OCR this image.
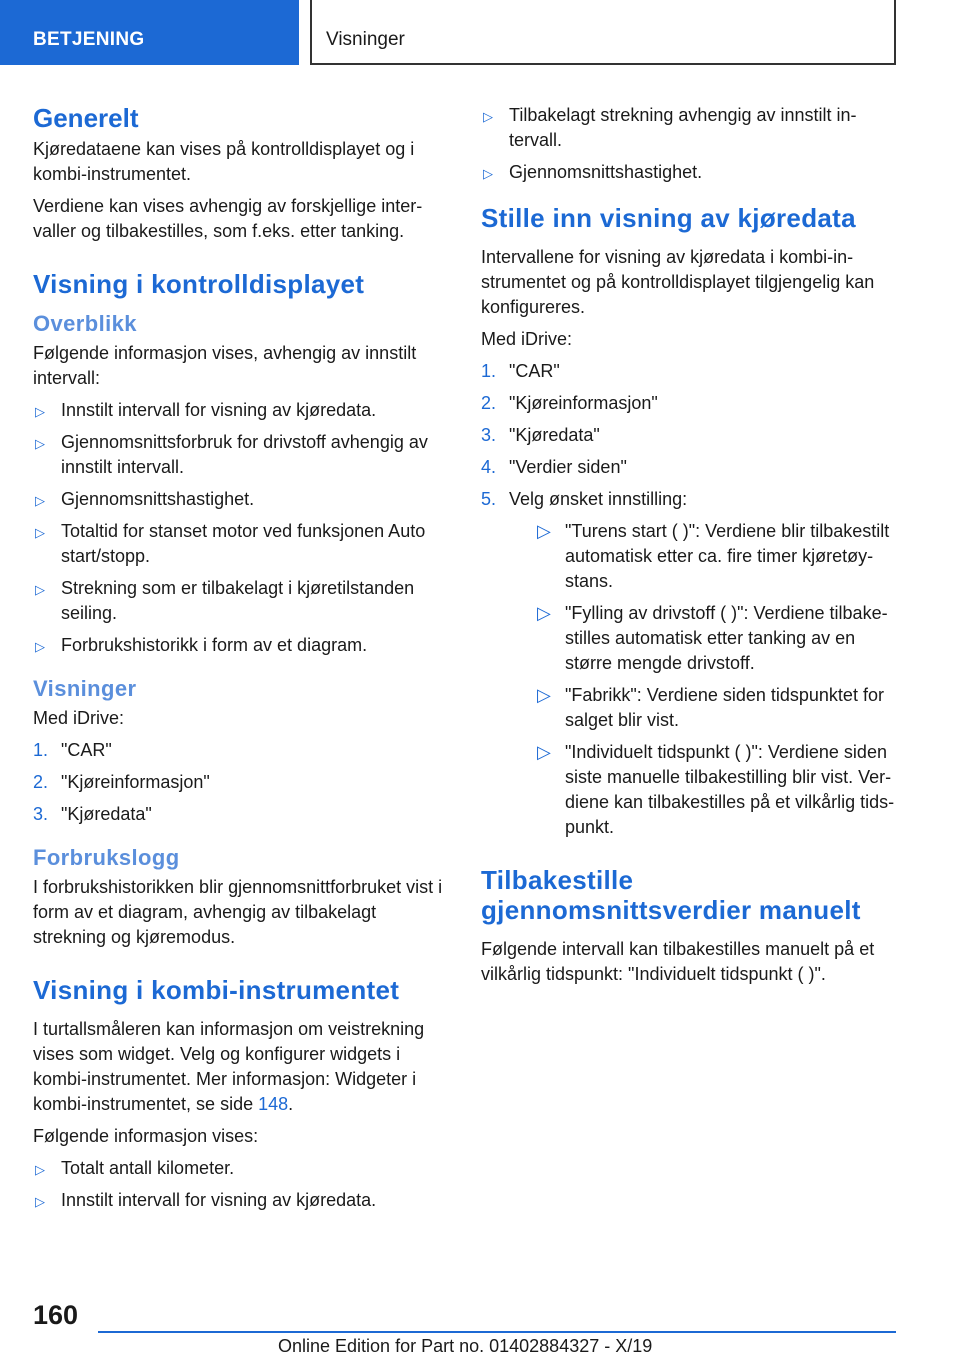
BETJENING	Visninger
Generelt

Kjøredataene kan vises på kontrolldisplayet og i kombi-instrumentet.

Verdiene kan vises avhengig av forskjellige inter-valler og tilbakestilles, som f.eks. etter tanking.

Visning i kontrolldisplayet
Overblikk

Følgende informasjon vises, avhengig av innstilt intervall:

▷ Innstilt intervall for visning av kjøredata.
▷ Gjennomsnittsforbruk for drivstoff avhengig av innstilt intervall.
▷ Gjennomsnittshastighet.
▷ Totaltid for stanset motor ved funksjonen Auto start/stopp.
▷ Strekning som er tilbakelagt i kjøretilstanden seiling.
▷ Forbrukshistorikk i form av et diagram.
Visninger

Med iDrive:

1. "CAR"
2. "Kjøreinformasjon"
3. "Kjøredata"
Forbrukslogg

I forbrukshistorikken blir gjennomsnittforbruket vist i form av et diagram, avhengig av tilbakelagt strekning og kjøremodus.

Visning i kombi-instrumentet

I turtallsmåleren kan informasjon om veistrekning vises som widget. Velg og konfigurer widgets i kombi-instrumentet. Mer informasjon: Widgeter i kombi-instrumentet, se side 148.

Følgende informasjon vises:

▷ Totalt antall kilometer.
▷ Innstilt intervall for visning av kjøredata.
▷ Tilbakelagt strekning avhengig av innstilt in-tervall.
▷ Gjennomsnittshastighet.
Stille inn visning av kjøredata

Intervallene for visning av kjøredata i kombi-in-strumentet og på kontrolldisplayet tilgjengelig kan konfigureres.

Med iDrive:

1. "CAR"
2. "Kjøreinformasjon"
3. "Kjøredata"
4. "Verdier siden"
5. Velg ønsket innstilling:
▷ "Turens start ( )": Verdiene blir tilbakestilt automatisk etter ca. fire timer kjøretøy-stans.
▷ "Fylling av drivstoff ( )": Verdiene tilbake-stilles automatisk etter tanking av en større mengde drivstoff.
▷ "Fabrikk": Verdiene siden tidspunktet for salget blir vist.
▷ "Individuelt tidspunkt ( )": Verdiene siden siste manuelle tilbakestilling blir vist. Ver-diene kan tilbakestilles på et vilkårlig tids-punkt.
Tilbakestille gjennomsnittsverdier manuelt

Følgende intervall kan tilbakestilles manuelt på et vilkårlig tidspunkt: "Individuelt tidspunkt ( )".

160
Online Edition for Part no. 01402884327 - X/19
